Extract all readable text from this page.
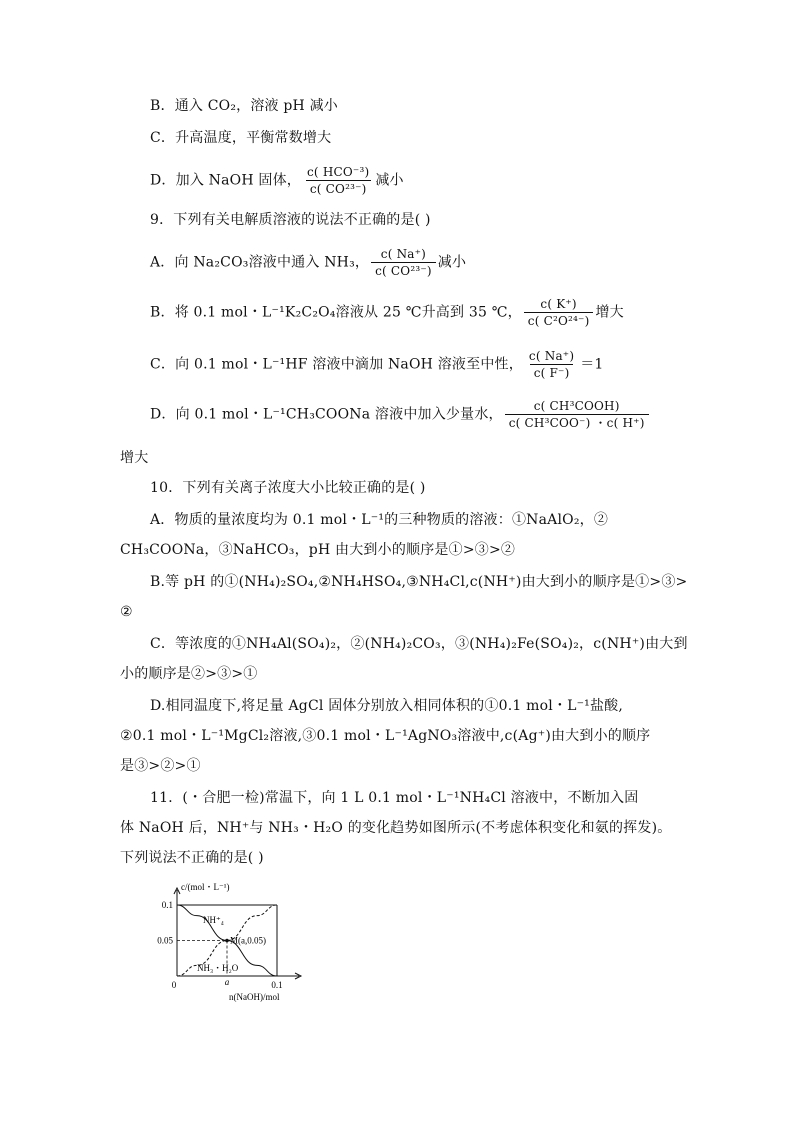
B．通入 CO₂，溶液 pH 减小
C．升高温度，平衡常数增大
D．加入 NaOH 固体， $\frac{\text{c( HCO⁻³)}}{\text{c( CO²³⁻)}}$ 减小
9．下列有关电解质溶液的说法不正确的是( )
A．向 Na₂CO₃溶液中通入 NH₃， $\frac{c( Na^+)}{\text{c( CO²³⁻)}}$ 减小
B．将 0.1 mol・L⁻¹K₂C₂O₄溶液从 25 ℃升高到 35 ℃， $\frac{c( K^+)}{\text{c( C²O²⁴⁻)}}$ 增大
C．向 0.1 mol・L⁻¹HF 溶液中滴加 NaOH 溶液至中性， $\frac{c( Na^+)}{c( F^-)} =1$
D．向 0.1 mol・L⁻¹CH₃COONa 溶液中加入少量水， $\frac{\text{c( CH³COOH)}}{\text{c( CH³COO⁻) ・c( H⁺)}}$
增大
10．下列有关离子浓度大小比较正确的是( )
A．物质的量浓度均为 0.1 mol・L⁻¹的三种物质的溶液：①NaAlO₂，②
CH₃COONa，③NaHCO₃，pH 由大到小的顺序是①>③>②
B.等 pH 的①(NH₄)₂SO₄,②NH₄HSO₄,③NH₄Cl,c(NH⁺)由大到小的顺序是①>③>
②
C．等浓度的①NH₄Al(SO₄)₂，②(NH₄)₂CO₃，③(NH₄)₂Fe(SO₄)₂，c(NH⁺)由大到
小的顺序是②>③>①
D.相同温度下,将足量 AgCl 固体分别放入相同体积的①0.1 mol・L⁻¹盐酸,
②0.1 mol・L⁻¹MgCl₂溶液,③0.1 mol・L⁻¹AgNO₃溶液中,c(Ag⁺)由大到小的顺序
是③>②>①
11．(・合肥一检)常温下，向 1 L 0.1 mol・L⁻¹NH₄Cl 溶液中，不断加入固
体 NaOH 后，NH⁺与 NH₃・H₂O 的变化趋势如图所示(不考虑体积变化和氨的挥发)。
下列说法不正确的是( )
NH⁺₄
NH₃・H₂O
M(a,0.05)
0.1
0.05
0	a	0.1
c/(mol・L⁻¹)
n(NaOH)/mol
